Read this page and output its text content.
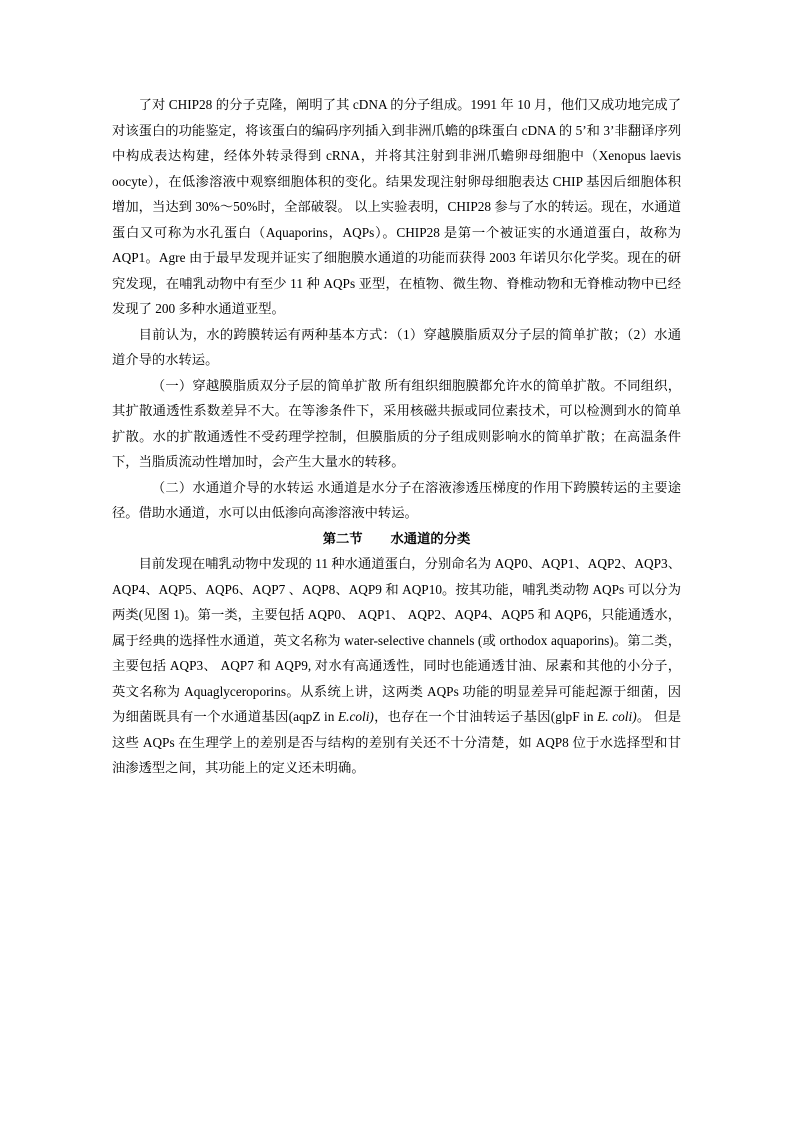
了对 CHIP28 的分子克隆，阐明了其 cDNA 的分子组成。1991 年 10 月，他们又成功地完成了对该蛋白的功能鉴定，将该蛋白的编码序列插入到非洲爪蟾的β珠蛋白 cDNA 的 5’和 3’非翻译序列中构成表达构建，经体外转录得到 cRNA，并将其注射到非洲爪蟾卵母细胞中（Xenopus laevis oocyte），在低渗溶液中观察细胞体积的变化。结果发现注射卵母细胞表达 CHIP 基因后细胞体积增加，当达到 30%～50%时，全部破裂。 以上实验表明，CHIP28 参与了水的转运。现在，水通道蛋白又可称为水孔蛋白（Aquaporins，AQPs）。CHIP28 是第一个被证实的水通道蛋白，故称为 AQP1。Agre 由于最早发现并证实了细胞膜水通道的功能而获得 2003 年诺贝尔化学奖。现在的研究发现，在哺乳动物中有至少 11 种 AQPs 亚型，在植物、微生物、脊椎动物和无脊椎动物中已经发现了 200 多种水通道亚型。

目前认为，水的跨膜转运有两种基本方式：（1）穿越膜脂质双分子层的简单扩散；（2）水通道介导的水转运。

（一）穿越膜脂质双分子层的简单扩散 所有组织细胞膜都允许水的简单扩散。不同组织，其扩散通透性系数差异不大。在等渗条件下，采用核磁共振或同位素技术，可以检测到水的简单扩散。水的扩散通透性不受药理学控制，但膜脂质的分子组成则影响水的简单扩散；在高温条件下，当脂质流动性增加时，会产生大量水的转移。

（二）水通道介导的水转运 水通道是水分子在溶液渗透压梯度的作用下跨膜转运的主要途径。借助水通道，水可以由低渗向高渗溶液中转运。

第二节 水通道的分类

目前发现在哺乳动物中发现的 11 种水通道蛋白，分别命名为 AQP0、AQP1、AQP2、AQP3、AQP4、AQP5、AQP6、AQP7 、AQP8、AQP9 和 AQP10。按其功能，哺乳类动物 AQPs 可以分为两类(见图 1)。第一类，主要包括 AQP0、 AQP1、 AQP2、AQP4、AQP5 和 AQP6，只能通透水，属于经典的选择性水通道，英文名称为 water-selective channels (或 orthodox aquaporins)。第二类，主要包括 AQP3、 AQP7 和 AQP9, 对水有高通透性，同时也能通透甘油、尿素和其他的小分子，英文名称为 Aquaglyceroporins。从系统上讲，这两类 AQPs 功能的明显差异可能起源于细菌，因为细菌既具有一个水通道基因(aqpZ in E.coli)，也存在一个甘油转运子基因(glpF in E. coli)。 但是这些 AQPs 在生理学上的差别是否与结构的差别有关还不十分清楚，如 AQP8 位于水选择型和甘油渗透型之间，其功能上的定义还未明确。
